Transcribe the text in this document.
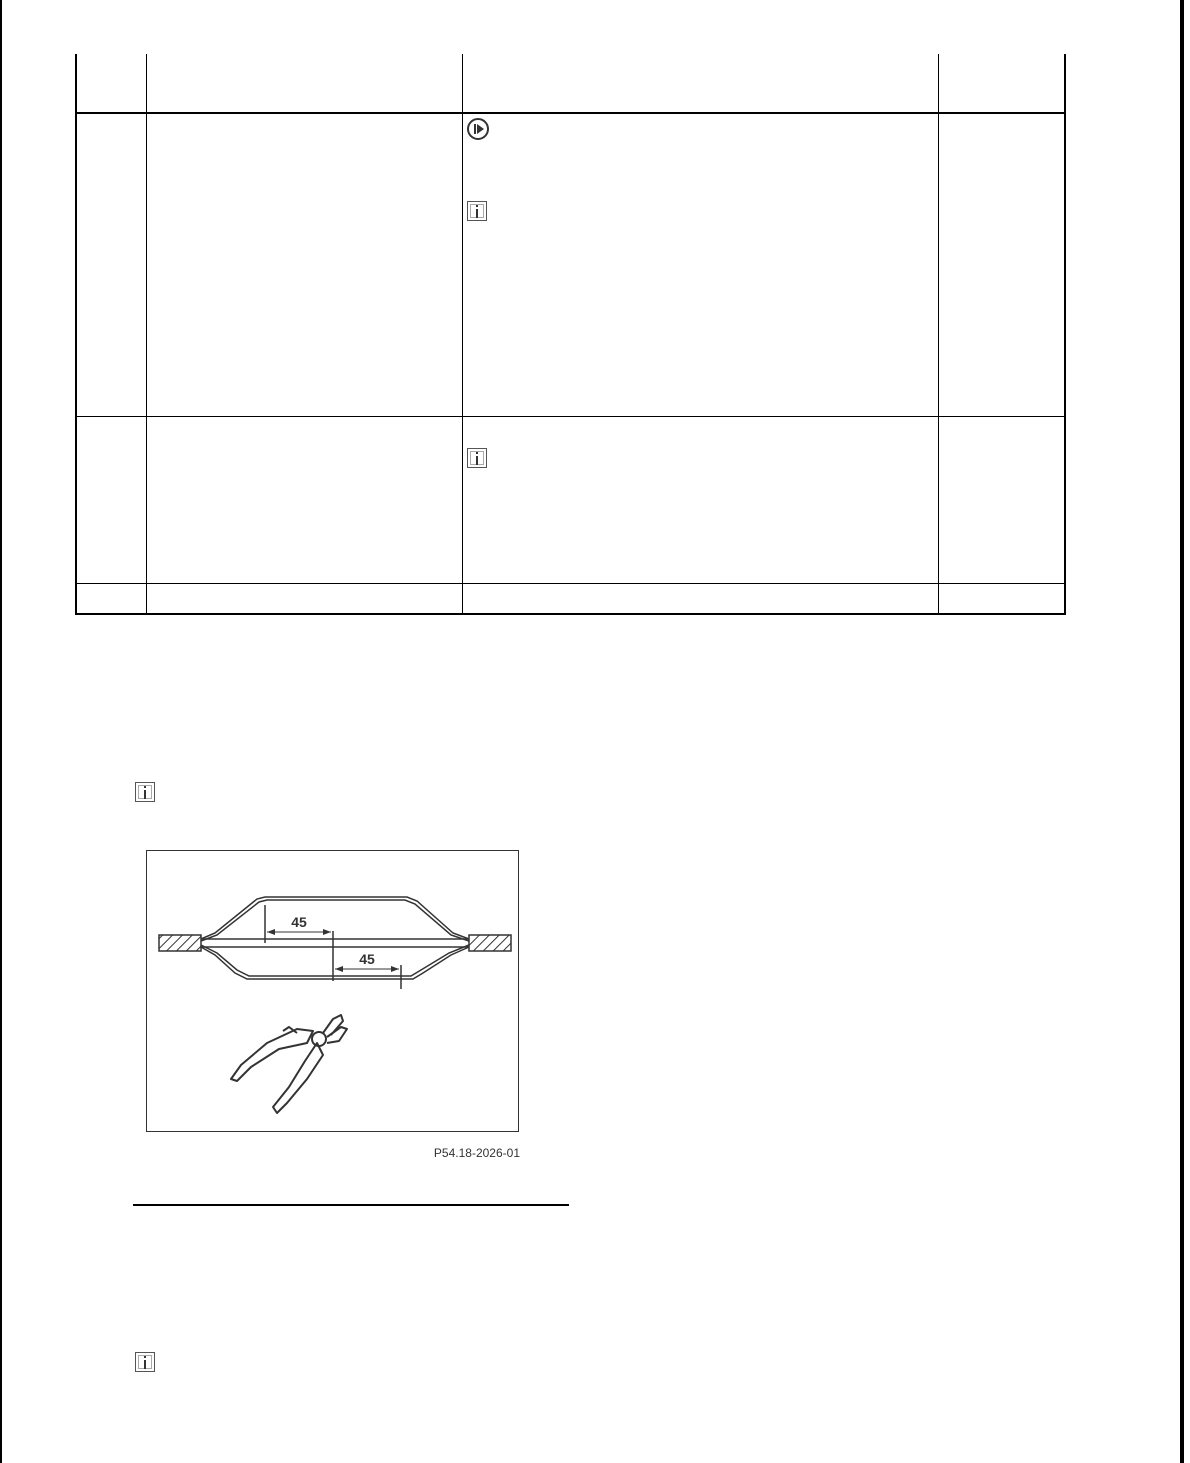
45
45
P54.18-2026-01
